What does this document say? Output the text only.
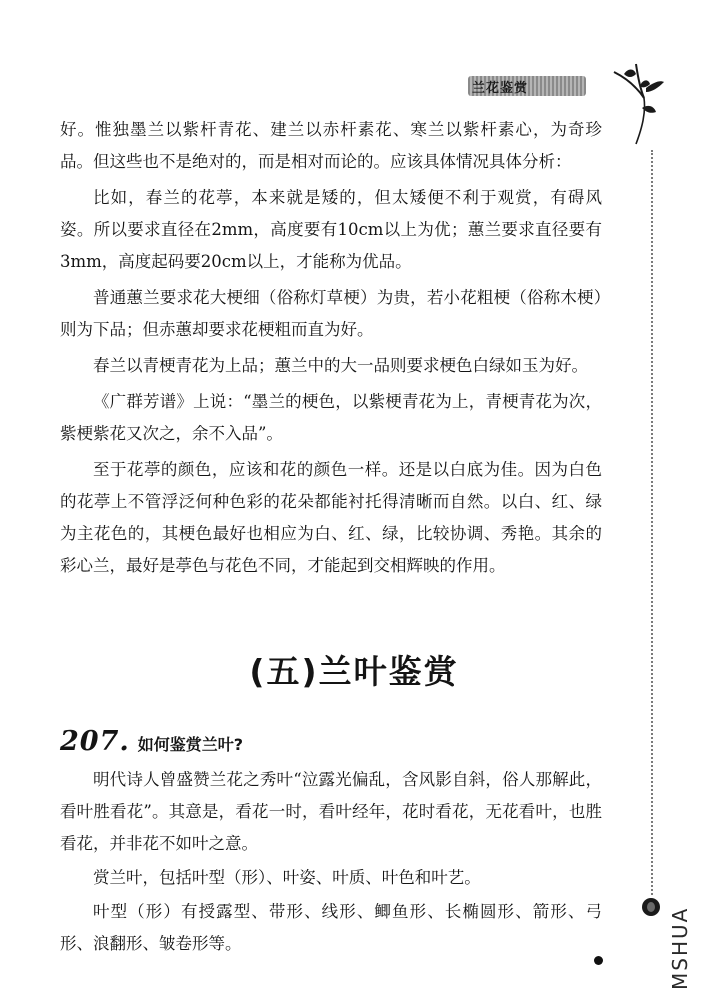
兰花鉴赏

好。惟独墨兰以紫杆青花、建兰以赤杆素花、寒兰以紫杆素心，为奇珍品。但这些也不是绝对的，而是相对而论的。应该具体情况具体分析：

比如，春兰的花葶，本来就是矮的，但太矮便不利于观赏，有碍风姿。所以要求直径在2mm，高度要有10cm以上为优；蕙兰要求直径要有3mm，高度起码要20cm以上，才能称为优品。

普通蕙兰要求花大梗细（俗称灯草梗）为贵，若小花粗梗（俗称木梗）则为下品；但赤蕙却要求花梗粗而直为好。

春兰以青梗青花为上品；蕙兰中的大一品则要求梗色白绿如玉为好。

《广群芳谱》上说：“墨兰的梗色，以紫梗青花为上，青梗青花为次，紫梗紫花又次之，余不入品”。

至于花葶的颜色，应该和花的颜色一样。还是以白底为佳。因为白色的花葶上不管浮泛何种色彩的花朵都能衬托得清晰而自然。以白、红、绿为主花色的，其梗色最好也相应为白、红、绿，比较协调、秀艳。其余的彩心兰，最好是葶色与花色不同，才能起到交相辉映的作用。

(五)兰叶鉴赏
207. 如何鉴赏兰叶?

明代诗人曾盛赞兰花之秀叶“泣露光偏乱，含风影自斜，俗人那解此，看叶胜看花”。其意是，看花一时，看叶经年，花时看花，无花看叶，也胜看花，并非花不如叶之意。

赏兰叶，包括叶型（形）、叶姿、叶质、叶色和叶艺。

叶型（形）有授露型、带形、线形、鲫鱼形、长椭圆形、箭形、弓形、浪翻形、皱卷形等。	MSHUA
